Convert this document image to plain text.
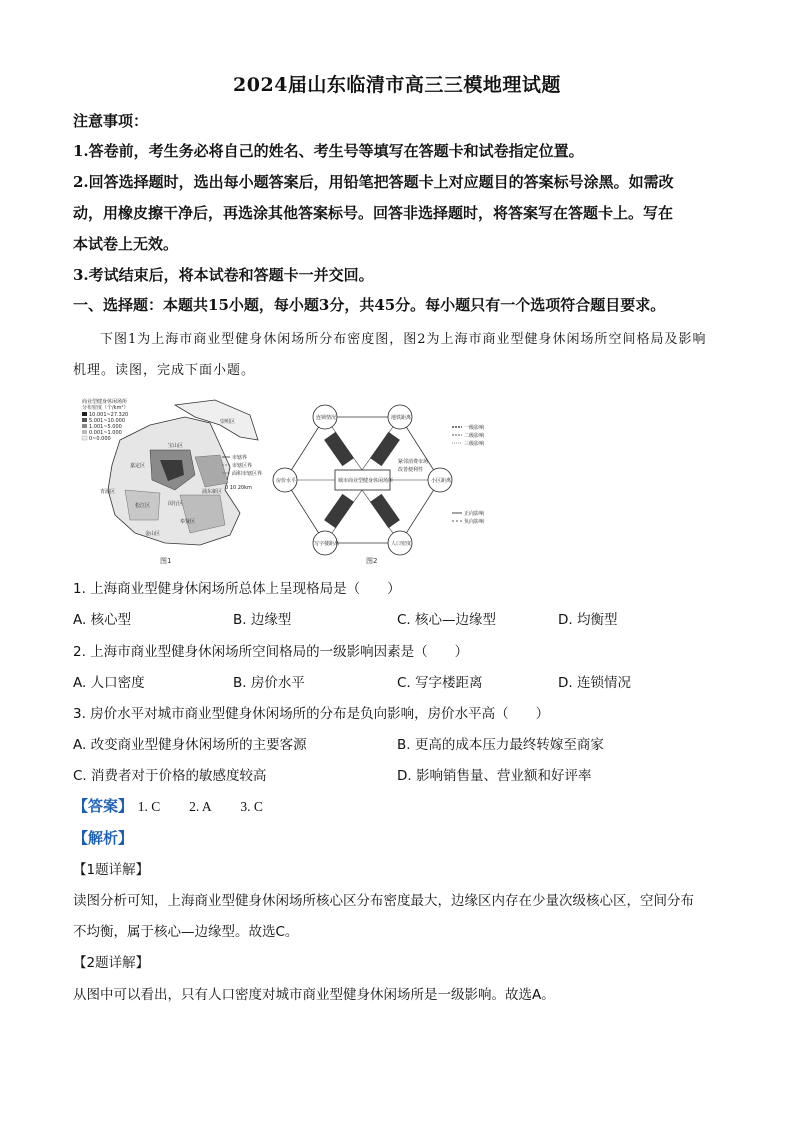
2024届山东临清市高三三模地理试题
注意事项：
1.答卷前，考生务必将自己的姓名、考生号等填写在答题卡和试卷指定位置。
2.回答选择题时，选出每小题答案后，用铅笔把答题卡上对应题目的答案标号涂黑。如需改
动，用橡皮擦干净后，再选涂其他答案标号。回答非选择题时，将答案写在答题卡上。写在
本试卷上无效。
3.考试结束后，将本试卷和答题卡一并交回。
一、选择题：本题共15小题，每小题3分，共45分。每小题只有一个选项符合题目要求。
下图1为上海市商业型健身休闲场所分布密度图，图2为上海市商业型健身休闲场所空间格局及影响
机理。读图，完成下面小题。
商业型健身休闲场所
分布密度（个/km²）
10.001~27.320
5.001~10.000
1.001~5.000
0.001~1.000
0~0.000
市辖界
市辖区界
面积市辖区界
0 10 20km
崇明区
宝山区
嘉定区
浦东新区
松江区
青浦区
闵行区
奉贤区
金山区
图1
城市商业型健身休闲场所
连锁情况	地铁距离
小区距离
人口密度
写字楼距离
房价水平
紧邻消费市场
改善便利性
一级影响
二级影响
三级影响
正向影响
负向影响
图2
1. 上海商业型健身休闲场所总体上呈现格局是（　　）
A. 核心型	B. 边缘型	C. 核心—边缘型	D. 均衡型
2. 上海市商业型健身休闲场所空间格局的一级影响因素是（　　）
A. 人口密度	B. 房价水平	C. 写字楼距离	D. 连锁情况
3. 房价水平对城市商业型健身休闲场所的分布是负向影响，房价水平高（　　）
A. 改变商业型健身休闲场所的主要客源	B. 更高的成本压力最终转嫁至商家
C. 消费者对于价格的敏感度较高	D. 影响销售量、营业额和好评率
【答案】 1. C 2. A 3. C
【解析】
【1题详解】
读图分析可知，上海商业型健身休闲场所核心区分布密度最大，边缘区内存在少量次级核心区，空间分布
不均衡，属于核心—边缘型。故选C。
【2题详解】
从图中可以看出，只有人口密度对城市商业型健身休闲场所是一级影响。故选A。
